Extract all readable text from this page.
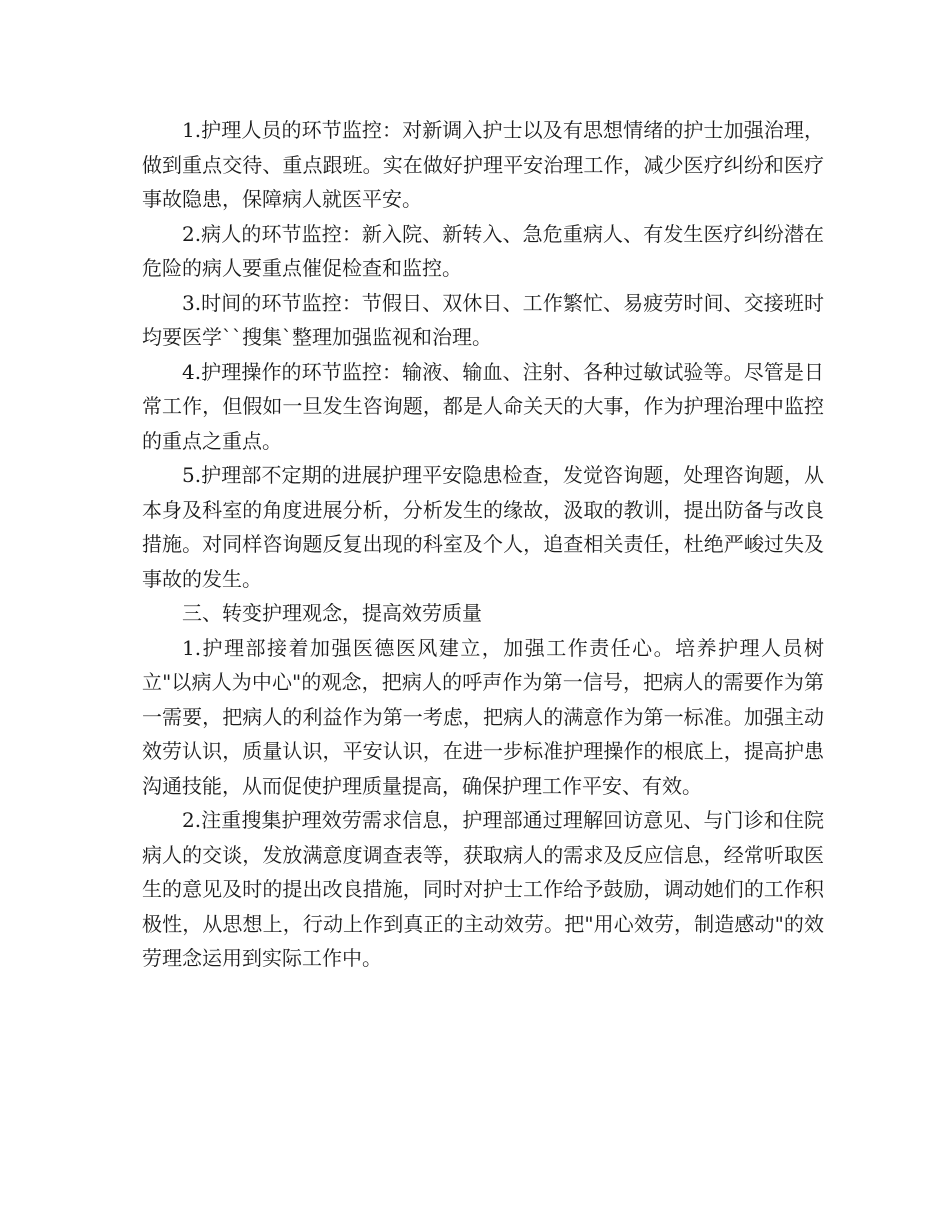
1.护理人员的环节监控：对新调入护士以及有思想情绪的护士加强治理，做到重点交待、重点跟班。实在做好护理平安治理工作，减少医疗纠纷和医疗事故隐患，保障病人就医平安。

2.病人的环节监控：新入院、新转入、急危重病人、有发生医疗纠纷潜在危险的病人要重点催促检查和监控。

3.时间的环节监控：节假日、双休日、工作繁忙、易疲劳时间、交接班时均要医学``搜集`整理加强监视和治理。

4.护理操作的环节监控：输液、输血、注射、各种过敏试验等。尽管是日常工作，但假如一旦发生咨询题，都是人命关天的大事，作为护理治理中监控的重点之重点。

5.护理部不定期的进展护理平安隐患检查，发觉咨询题，处理咨询题，从本身及科室的角度进展分析，分析发生的缘故，汲取的教训，提出防备与改良措施。对同样咨询题反复出现的科室及个人，追查相关责任，杜绝严峻过失及事故的发生。

三、转变护理观念，提高效劳质量

1.护理部接着加强医德医风建立，加强工作责任心。培养护理人员树立"以病人为中心"的观念，把病人的呼声作为第一信号，把病人的需要作为第一需要，把病人的利益作为第一考虑，把病人的满意作为第一标准。加强主动效劳认识，质量认识，平安认识，在进一步标准护理操作的根底上，提高护患沟通技能，从而促使护理质量提高，确保护理工作平安、有效。

2.注重搜集护理效劳需求信息，护理部通过理解回访意见、与门诊和住院病人的交谈，发放满意度调查表等，获取病人的需求及反应信息，经常听取医生的意见及时的提出改良措施，同时对护士工作给予鼓励，调动她们的工作积极性，从思想上，行动上作到真正的主动效劳。把"用心效劳，制造感动"的效劳理念运用到实际工作中。
